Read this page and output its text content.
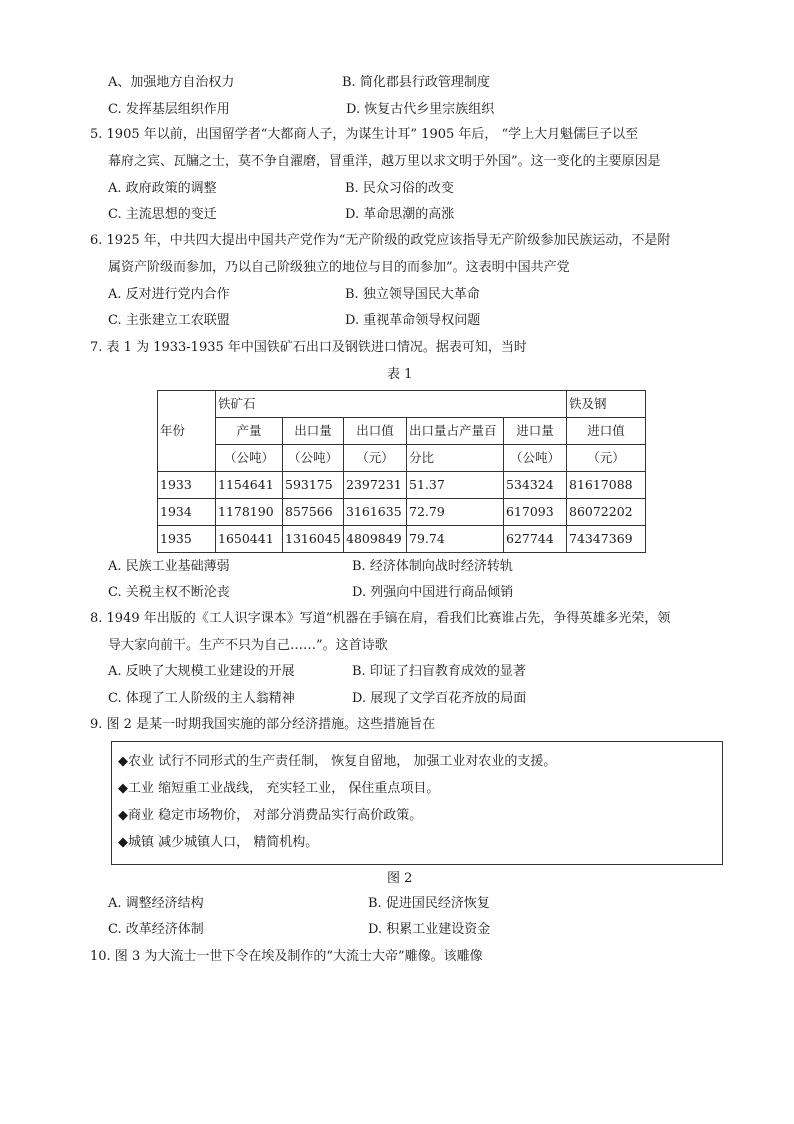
A、加强地方自治权力	B. 简化郡县行政管理制度
C. 发挥基层组织作用	D. 恢复古代乡里宗族组织
5. 1905 年以前，出国留学者“大都商人子，为谋生计耳” 1905 年后， “学上大月魁儒巨子以至
幕府之宾、瓦牖之士，莫不争自濯磨，冒重洋，越万里以求文明于外国”。这一变化的主要原因是
A. 政府政策的调整	B. 民众习俗的改变
C. 主流思想的变迁	D. 革命思潮的高涨
6. 1925 年，中共四大提出中国共产党作为“无产阶级的政党应该指导无产阶级参加民族运动，不是附
属资产阶级而参加，乃以自己阶级独立的地位与目的而参加”。这表明中国共产党
A. 反对进行党内合作	B. 独立领导国民大革命
C. 主张建立工农联盟	D. 重视革命领导权问题
7. 表 1 为 1933-1935 年中国铁矿石出口及钢铁进口情况。据表可知，当时
表 1
年份	铁矿石					铁及钢
	产量	出口量	出口值	出口量占产量百	进口量	进口值
	（公吨）	（公吨）	（元）	分比	（公吨）	（元）
1933	1154641	593175	2397231	51.37	534324	81617088
1934	1178190	857566	3161635	72.79	617093	86072202
1935	1650441	1316045	4809849	79.74	627744	74347369
A. 民族工业基础薄弱	B. 经济体制向战时经济转轨
C. 关税主权不断沦丧	D. 列强向中国进行商品倾销
8. 1949 年出版的《工人识字课本》写道“机器在手镐在肩，看我们比赛谁占先，争得英雄多光荣，领
导大家向前干。生产不只为自己……”。这首诗歌
A. 反映了大规模工业建设的开展	B. 印证了扫盲教育成效的显著
C. 体现了工人阶级的主人翁精神	D. 展现了文学百花齐放的局面
9. 图 2 是某一时期我国实施的部分经济措施。这些措施旨在
◆农业 试行不同形式的生产责任制， 恢复自留地， 加强工业对农业的支援。
◆工业 缩短重工业战线， 充实轻工业， 保住重点项目。
◆商业 稳定市场物价， 对部分消费品实行高价政策。
◆城镇 减少城镇人口， 精简机构。
图 2
A. 调整经济结构	B. 促进国民经济恢复
C. 改革经济体制	D. 积累工业建设资金
10. 图 3 为大流士一世下令在埃及制作的“大流士大帝”雕像。该雕像
